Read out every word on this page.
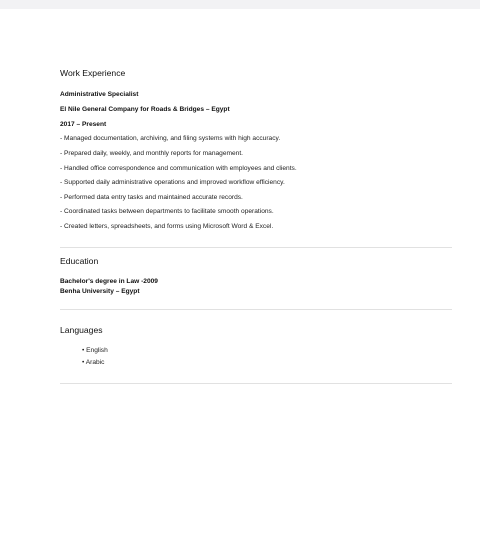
Work Experience
Administrative Specialist
El Nile General Company for Roads & Bridges – Egypt
2017 – Present
- Managed documentation, archiving, and filing systems with high accuracy.
- Prepared daily, weekly, and monthly reports for management.
- Handled office correspondence and communication with employees and clients.
- Supported daily administrative operations and improved workflow efficiency.
- Performed data entry tasks and maintained accurate records.
- Coordinated tasks between departments to facilitate smooth operations.
- Created letters, spreadsheets, and forms using Microsoft Word & Excel.
Education
Bachelor's degree in Law -2009
Benha University – Egypt
Languages
• English
• Arabic
